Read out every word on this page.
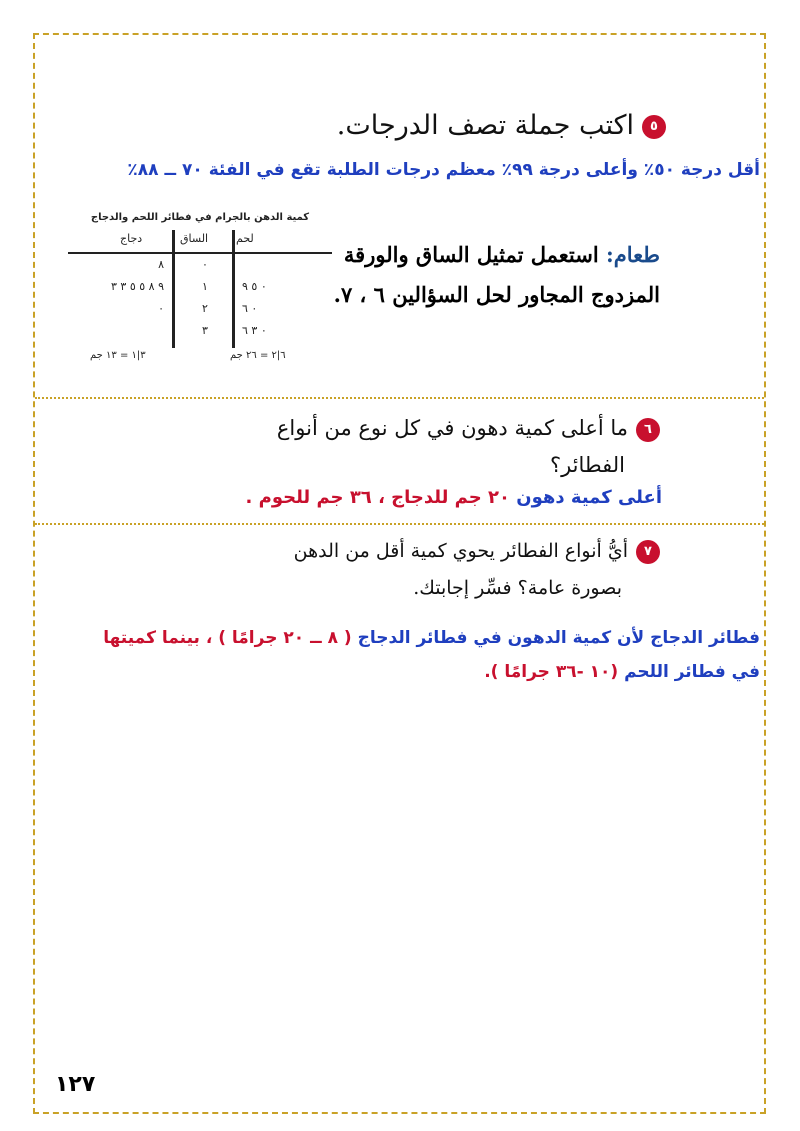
٥اكتب جملة تصف الدرجات.
أقل درجة ٥٠٪ وأعلى درجة ٩٩٪ معظم درجات الطلبة تقع في الفئة ٧٠ ــ ٨٨٪
طعام: استعمل تمثيل الساق والورقة
المزدوج المجاور لحل السؤالين ٦ ، ٧.
كمية الدهن بالجرام في فطائر اللحم والدجاج
لحم
الساق
دجاج
٠
٨
٠ ٥ ٩
١
٩ ٨ ٥ ٥ ٣ ٣
٠ ٦
٢
٠
٠ ٣ ٦
٣
٦|٢ = ٢٦ جم
٣|١ = ١٣ جم
٦ما أعلى كمية دهون في كل نوع من أنواع
الفطائر؟
أعلى كمية دهون ٢٠ جم للدجاج ، ٣٦ جم للحوم .
٧أيُّ أنواع الفطائر يحوي كمية أقل من الدهن
بصورة عامة؟ فسِّر إجابتك.
فطائر الدجاج لأن كمية الدهون في فطائر الدجاج ( ٨ ــ ٢٠ جرامًا ) ، بينما كميتها
في فطائر اللحم (١٠ -٣٦ جرامًا ).
١٢٧
